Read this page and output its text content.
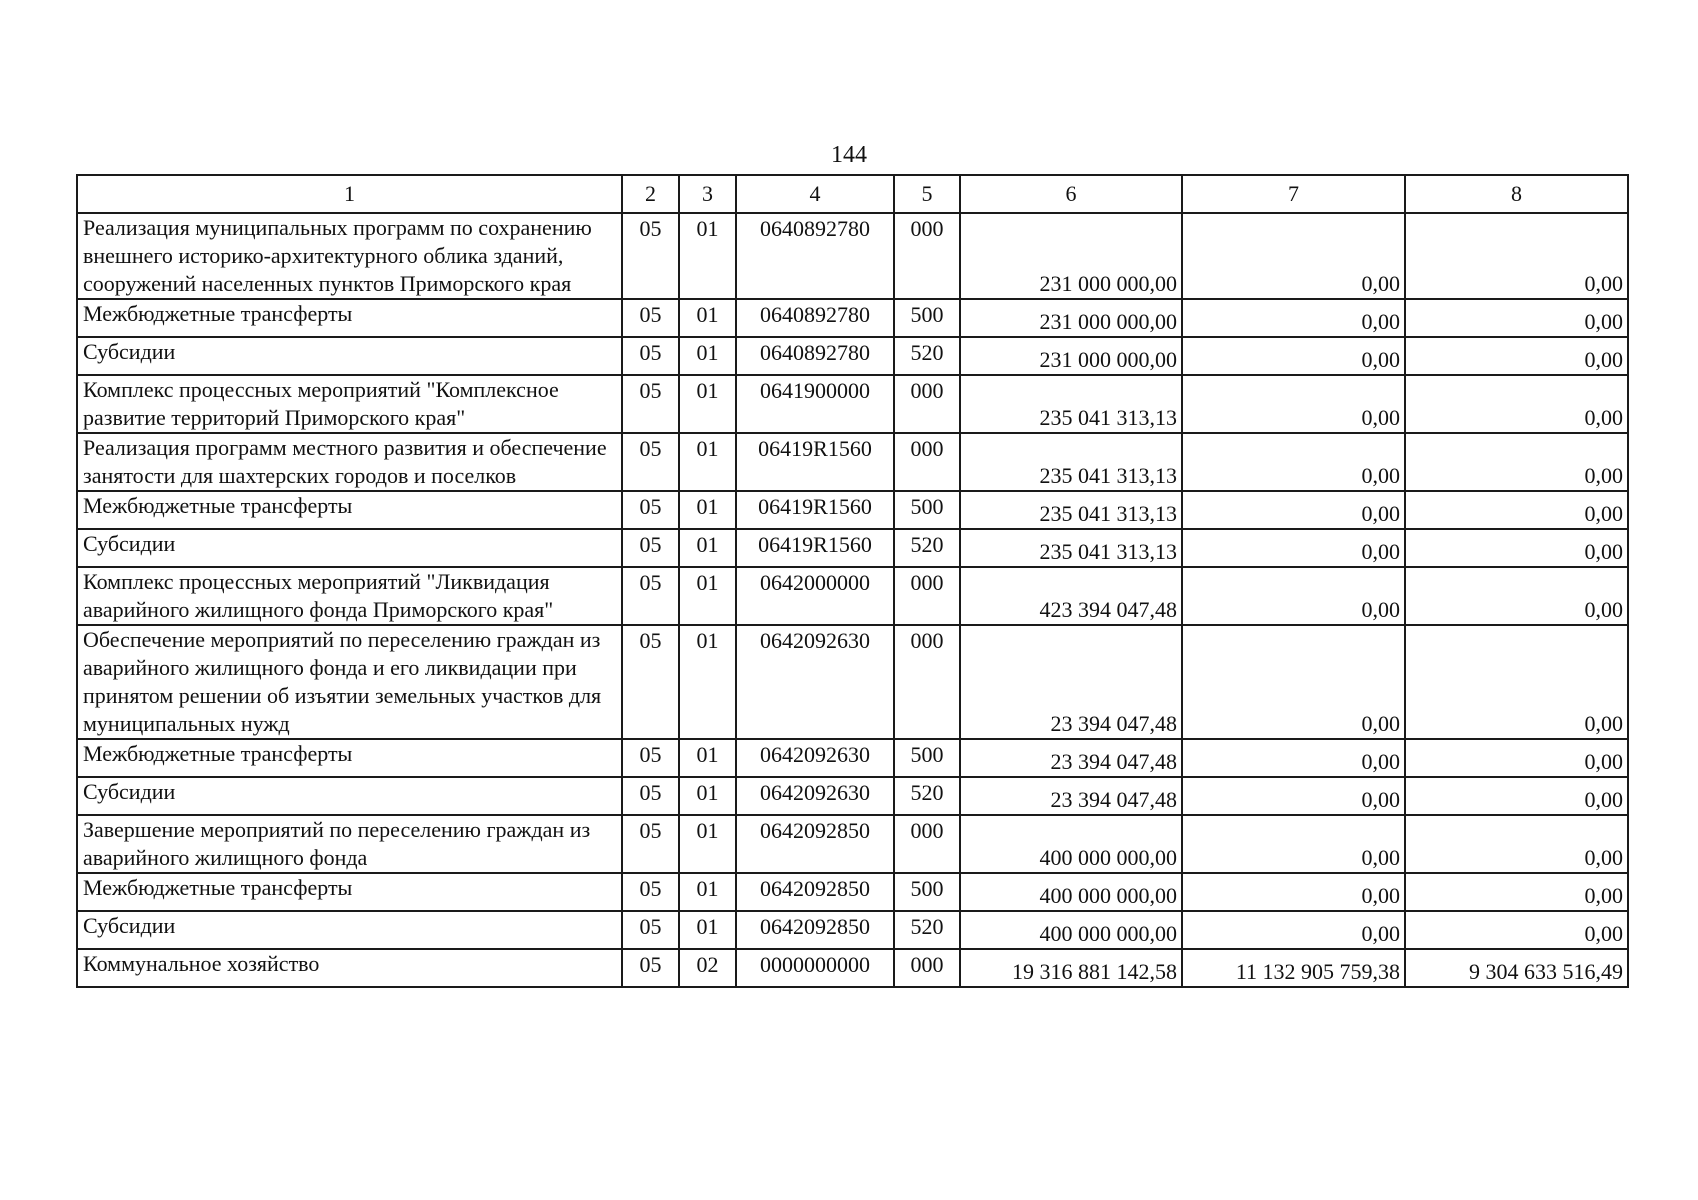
144
1	2	3	4	5	6	7	8
Реализация муниципальных программ по сохранению внешнего историко-архитектурного облика зданий, сооружений населенных пунктов Приморского края	05	01	0640892780	000	231 000 000,00	0,00	0,00
Межбюджетные трансферты	05	01	0640892780	500	231 000 000,00	0,00	0,00
Субсидии	05	01	0640892780	520	231 000 000,00	0,00	0,00
Комплекс процессных мероприятий "Комплексное развитие территорий Приморского края"	05	01	0641900000	000	235 041 313,13	0,00	0,00
Реализация программ местного развития и обеспечение занятости для шахтерских городов и поселков	05	01	06419R1560	000	235 041 313,13	0,00	0,00
Межбюджетные трансферты	05	01	06419R1560	500	235 041 313,13	0,00	0,00
Субсидии	05	01	06419R1560	520	235 041 313,13	0,00	0,00
Комплекс процессных мероприятий "Ликвидация аварийного жилищного фонда Приморского края"	05	01	0642000000	000	423 394 047,48	0,00	0,00
Обеспечение мероприятий по переселению граждан из аварийного жилищного фонда и его ликвидации при принятом решении об изъятии земельных участков для муниципальных нужд	05	01	0642092630	000	23 394 047,48	0,00	0,00
Межбюджетные трансферты	05	01	0642092630	500	23 394 047,48	0,00	0,00
Субсидии	05	01	0642092630	520	23 394 047,48	0,00	0,00
Завершение мероприятий по переселению граждан из аварийного жилищного фонда	05	01	0642092850	000	400 000 000,00	0,00	0,00
Межбюджетные трансферты	05	01	0642092850	500	400 000 000,00	0,00	0,00
Субсидии	05	01	0642092850	520	400 000 000,00	0,00	0,00
Коммунальное хозяйство	05	02	0000000000	000	19 316 881 142,58	11 132 905 759,38	9 304 633 516,49
